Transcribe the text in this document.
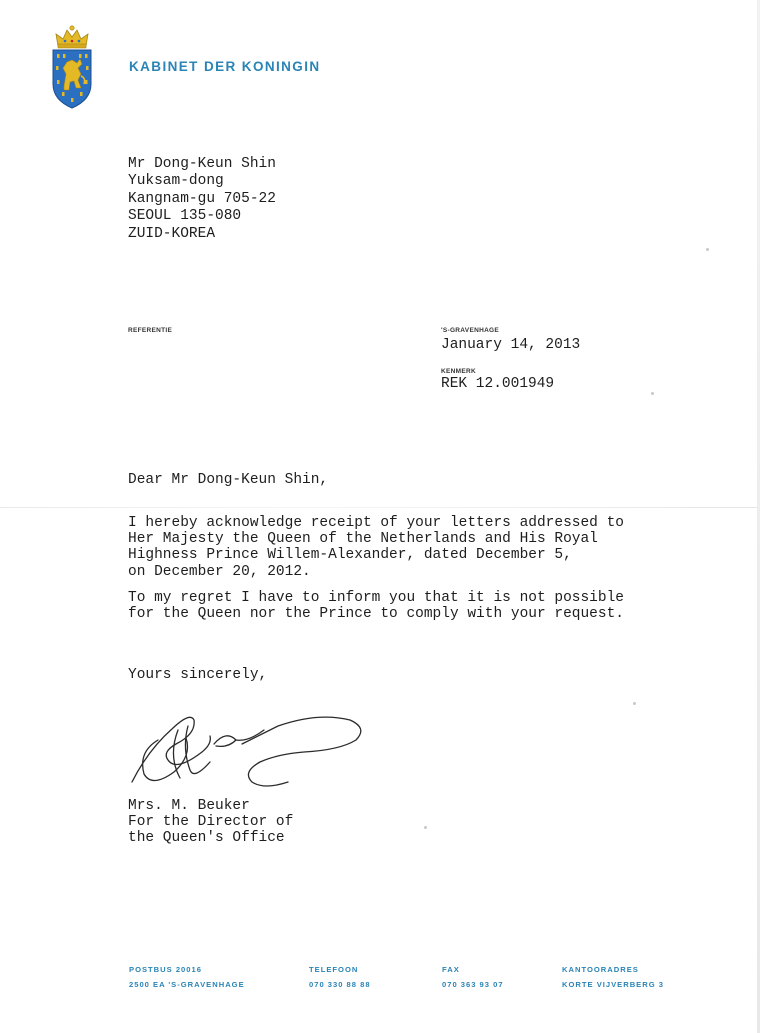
KABINET DER KONINGIN
Mr Dong-Keun Shin
Yuksam-dong
Kangnam-gu 705-22
SEOUL 135-080
ZUID-KOREA
REFERENTIE	'S-GRAVENHAGE
January 14, 2013
KENMERK
REK 12.001949
Dear Mr Dong-Keun Shin,
I hereby acknowledge receipt of your letters addressed to
Her Majesty the Queen of the Netherlands and His Royal
Highness Prince Willem-Alexander, dated December 5,
on December 20, 2012.
To my regret I have to inform you that it is not possible
for the Queen nor the Prince to comply with your request.
Yours sincerely,
Mrs. M. Beuker
For the Director of
the Queen's Office
POSTBUS 20016
2500 EA 'S-GRAVENHAGE
TELEFOON
070 330 88 88
FAX
070 363 93 07
KANTOORADRES
KORTE VIJVERBERG 3
